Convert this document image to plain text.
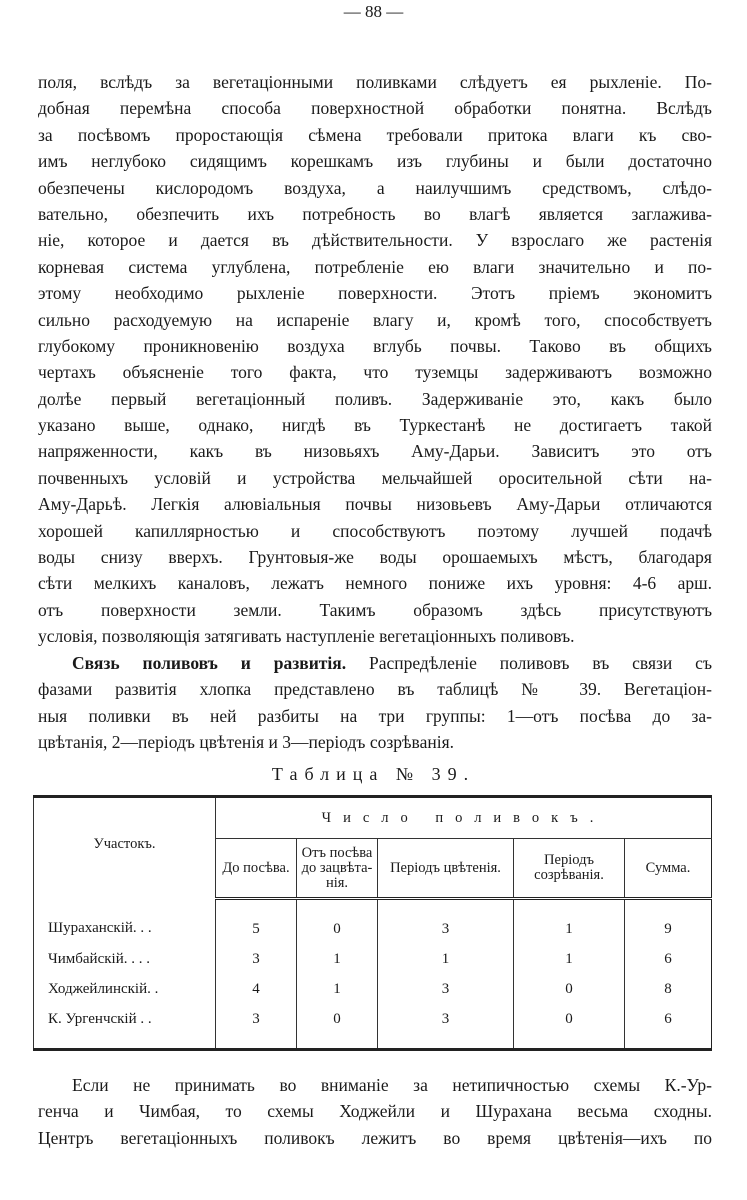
— 88 —
поля, вслѣдъ за вегетаціонными поливками слѣдуетъ ея рыхленіе. По-
добная перемѣна способа поверхностной обработки понятна. Вслѣдъ
за посѣвомъ проростающія сѣмена требовали притока влаги къ сво-
имъ неглубоко сидящимъ корешкамъ изъ глубины и были достаточно
обезпечены кислородомъ воздуха, а наилучшимъ средствомъ, слѣдо-
вательно, обезпечить ихъ потребность во влагѣ является заглажива-
ніе, которое и дается въ дѣйствительности. У взрослаго же растенія
корневая система углублена, потребленіе ею влаги значительно и по-
этому необходимо рыхленіе поверхности. Этотъ пріемъ экономитъ
сильно расходуемую на испареніе влагу и, кромѣ того, способствуетъ
глубокому проникновенію воздуха вглубь почвы. Таково въ общихъ
чертахъ объясненіе того факта, что туземцы задерживаютъ возможно
долѣе первый вегетаціонный поливъ. Задерживаніе это, какъ было
указано выше, однако, нигдѣ въ Туркестанѣ не достигаетъ такой
напряженности, какъ въ низовьяхъ Аму-Дарьи. Зависитъ это отъ
почвенныхъ условій и устройства мельчайшей оросительной сѣти на-
Аму-Дарьѣ. Легкія алювіальныя почвы низовьевъ Аму-Дарьи отличаются
хорошей капиллярностью и способствуютъ поэтому лучшей подачѣ
воды снизу вверхъ. Грунтовыя-же воды орошаемыхъ мѣстъ, благодаря
сѣти мелкихъ каналовъ, лежатъ немного пониже ихъ уровня: 4-6 арш.
отъ поверхности земли. Такимъ образомъ здѣсь присутствуютъ
условія, позволяющія затягивать наступленіе вегетаціонныхъ поливовъ.
Связь поливовъ и развитія. Распредѣленіе поливовъ въ связи съ
фазами развитія хлопка представлено въ таблицѣ № 39. Вегетаціон-
ныя поливки въ ней разбиты на три группы: 1—отъ посѣва до за-
цвѣтанія, 2—періодъ цвѣтенія и 3—періодъ созрѣванія.
Таблица № 39.
Участокъ.	Число поливокъ.				
	До посѣва.	Отъ посѣва до зацвѣта-нія.	Періодъ цвѣтенія.	Періодъ созрѣванія.	Сумма.
Шураханскій. . .	5	0	3	1	9
Чимбайскій. . . .	3	1	1	1	6
Ходжейлинскій. .	4	1	3	0	8
К. Ургенчскій . .	3	0	3	0	6
Если не принимать во вниманіе за нетипичностью схемы К.-Ур-
генча и Чимбая, то схемы Ходжейли и Шурахана весьма сходны.
Центръ вегетаціонныхъ поливокъ лежитъ во время цвѣтенія—ихъ по
